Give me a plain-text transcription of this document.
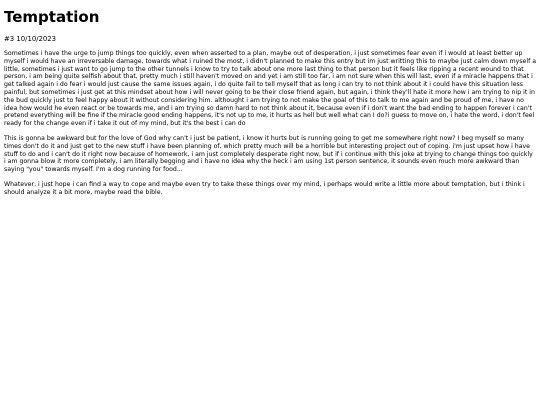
Temptation
#3 10/10/2023

Sometimes i have the urge to jump things too quickly, even when asserted to a plan, maybe out of desperation, i just sometimes fear even if i would at least better up myself i would have an irreversable damage, towards what i ruined the most, i didn't planned to make this entry but im just writting this to maybe just calm down myself a little, sometimes i just want to go jump to the other tunnels i know to try to talk about one more last thing to that person but it feels like ripping a recent wound to that person, i am being quite selfish about that, pretty much i still haven't moved on and yet i am still too far, i am not sure when this will last, even if a miracle happens that i get talked again i do fear i would just cause the same issues again, i do quite fail to tell myself that as long i can try to not think about it i could have this situation less painful, but sometimes i just get at this mindset about how i will never going to be their close friend again, but again, i think they'll hate it more how i am trying to nip it in the bud quickly just to feel happy about it without considering him. althought i am trying to not make the goal of this to talk to me again and be proud of me, i have no idea how would he even react or be towards me, and i am trying so damn hard to not think about it, because even if i don't want the bad ending to happen forever i can't pretend everything will be fine if the miracle good ending happens, it's not up to me, it hurts as hell but well what can I do?i guess to move on, i hate the word, i don't feel ready for the change even if i take it out of my mind, but it's the best i can do

This is gonna be awkward but for the love of God why can't i just be patient, i know it hurts but is running going to get me somewhere right now? I beg myself so many times don't do it and just get to the new stuff i have been planning of, which pretty much will be a horrible but interesting project out of coping. i'm just upset how i have stuff to do and i can't do it right now because of homework, i am just completely desperate right now, but if i continue with this joke at trying to change things too quickly i am gonna blow it more completely, i am literally begging and i have no idea why the heck i am using 1st person sentence, it sounds even much more awkward than saying "you" towards myself. I'm a dog running for food...

Whatever, i just hope i can find a way to cope and maybe even try to take these things over my mind, i perhaps would write a little more about temptation, but i think i should analyze it a bit more, maybe read the bible.
